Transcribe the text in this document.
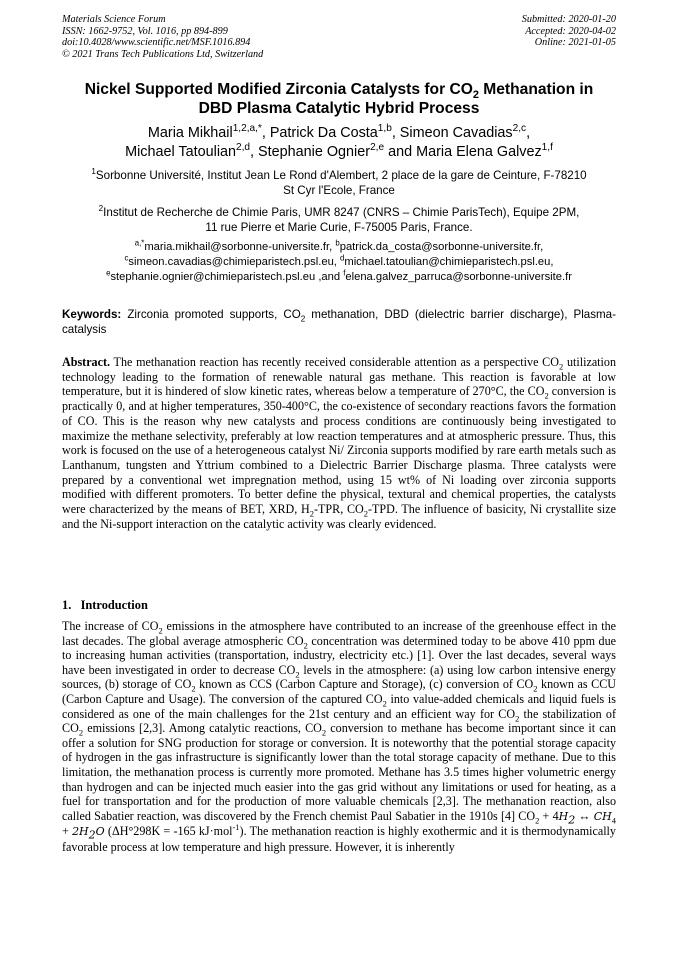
Materials Science Forum
ISSN: 1662-9752, Vol. 1016, pp 894-899
doi:10.4028/www.scientific.net/MSF.1016.894
© 2021 Trans Tech Publications Ltd, Switzerland
Submitted: 2020-01-20
Accepted: 2020-04-02
Online: 2021-01-05
Nickel Supported Modified Zirconia Catalysts for $CO_2$ Methanation in
DBD Plasma Catalytic Hybrid Process
Maria Mikhail$^{1,2,a,*}$, Patrick Da Costa$^{1,b}$, Simeon Cavadias$^{2,c}$,
Michael Tatoulian$^{2,d}$, Stephanie Ognier$^{2,e}$ and Maria Elena Galvez$^{1,f}$
$^1$Sorbonne Université, Institut Jean Le Rond d'Alembert, 2 place de la gare de Ceinture, F-78210
St Cyr l'Ecole, France
$^2$Institut de Recherche de Chimie Paris, UMR 8247 (CNRS – Chimie ParisTech), Equipe 2PM,
11 rue Pierre et Marie Curie, F-75005 Paris, France.
$^{a,*}$maria.mikhail@sorbonne-universite.fr, $^b$patrick.da_costa@sorbonne-universite.fr,
$^c$simeon.cavadias@chimieparistech.psl.eu, $^d$michael.tatoulian@chimieparistech.psl.eu,
$^e$stephanie.ognier@chimieparistech.psl.eu ,and $^f$elena.galvez_parruca@sorbonne-universite.fr
Keywords: Zirconia promoted supports, $CO_2$ methanation, DBD (dielectric barrier discharge), Plasma-catalysis
Abstract. The methanation reaction has recently received considerable attention as a perspective $CO_2$ utilization technology leading to the formation of renewable natural gas methane. This reaction is favorable at low temperature, but it is hindered of slow kinetic rates, whereas below a temperature of 270°C, the $CO_2$ conversion is practically 0, and at higher temperatures, 350-400°C, the co-existence of secondary reactions favors the formation of CO. This is the reason why new catalysts and process conditions are continuously being investigated to maximize the methane selectivity, preferably at low reaction temperatures and at atmospheric pressure. Thus, this work is focused on the use of a heterogeneous catalyst Ni/ Zirconia supports modified by rare earth metals such as Lanthanum, tungsten and Yttrium combined to a Dielectric Barrier Discharge plasma. Three catalysts were prepared by a conventional wet impregnation method, using 15 wt% of Ni loading over zirconia supports modified with different promoters. To better define the physical, textural and chemical properties, the catalysts were characterized by the means of BET, XRD, $H_2$-TPR, $CO_2$-TPD. The influence of basicity, Ni crystallite size and the Ni-support interaction on the catalytic activity was clearly evidenced.
1. Introduction
The increase of $CO_2$ emissions in the atmosphere have contributed to an increase of the greenhouse effect in the last decades. The global average atmospheric $CO_2$ concentration was determined today to be above 410 ppm due to increasing human activities (transportation, industry, electricity etc.) [1]. Over the last decades, several ways have been investigated in order to decrease $CO_2$ levels in the atmosphere: (a) using low carbon intensive energy sources, (b) storage of $CO_2$ known as CCS (Carbon Capture and Storage), (c) conversion of $CO_2$ known as CCU (Carbon Capture and Usage). The conversion of the captured $CO_2$ into value-added chemicals and liquid fuels is considered as one of the main challenges for the 21st century and an efficient way for $CO_2$ the stabilization of $CO_2$ emissions [2,3]. Among catalytic reactions, $CO_2$ conversion to methane has become important since it can offer a solution for SNG production for storage or conversion. It is noteworthy that the potential storage capacity of hydrogen in the gas infrastructure is significantly lower than the total storage capacity of methane. Due to this limitation, the methanation process is currently more promoted. Methane has 3.5 times higher volumetric energy than hydrogen and can be injected much easier into the gas grid without any limitations or used for heating, as a fuel for transportation and for the production of more valuable chemicals [2,3]. The methanation reaction, also called Sabatier reaction, was discovered by the French chemist Paul Sabatier in the 1910s [4] $CO_2 + 4H_2$ ↔ $CH_4 + 2H_2O$ (ΔH°298K = -165 kJ·mol$^{-1}$). The methanation reaction is highly exothermic and it is thermodynamically favorable process at low temperature and high pressure. However, it is inherently
